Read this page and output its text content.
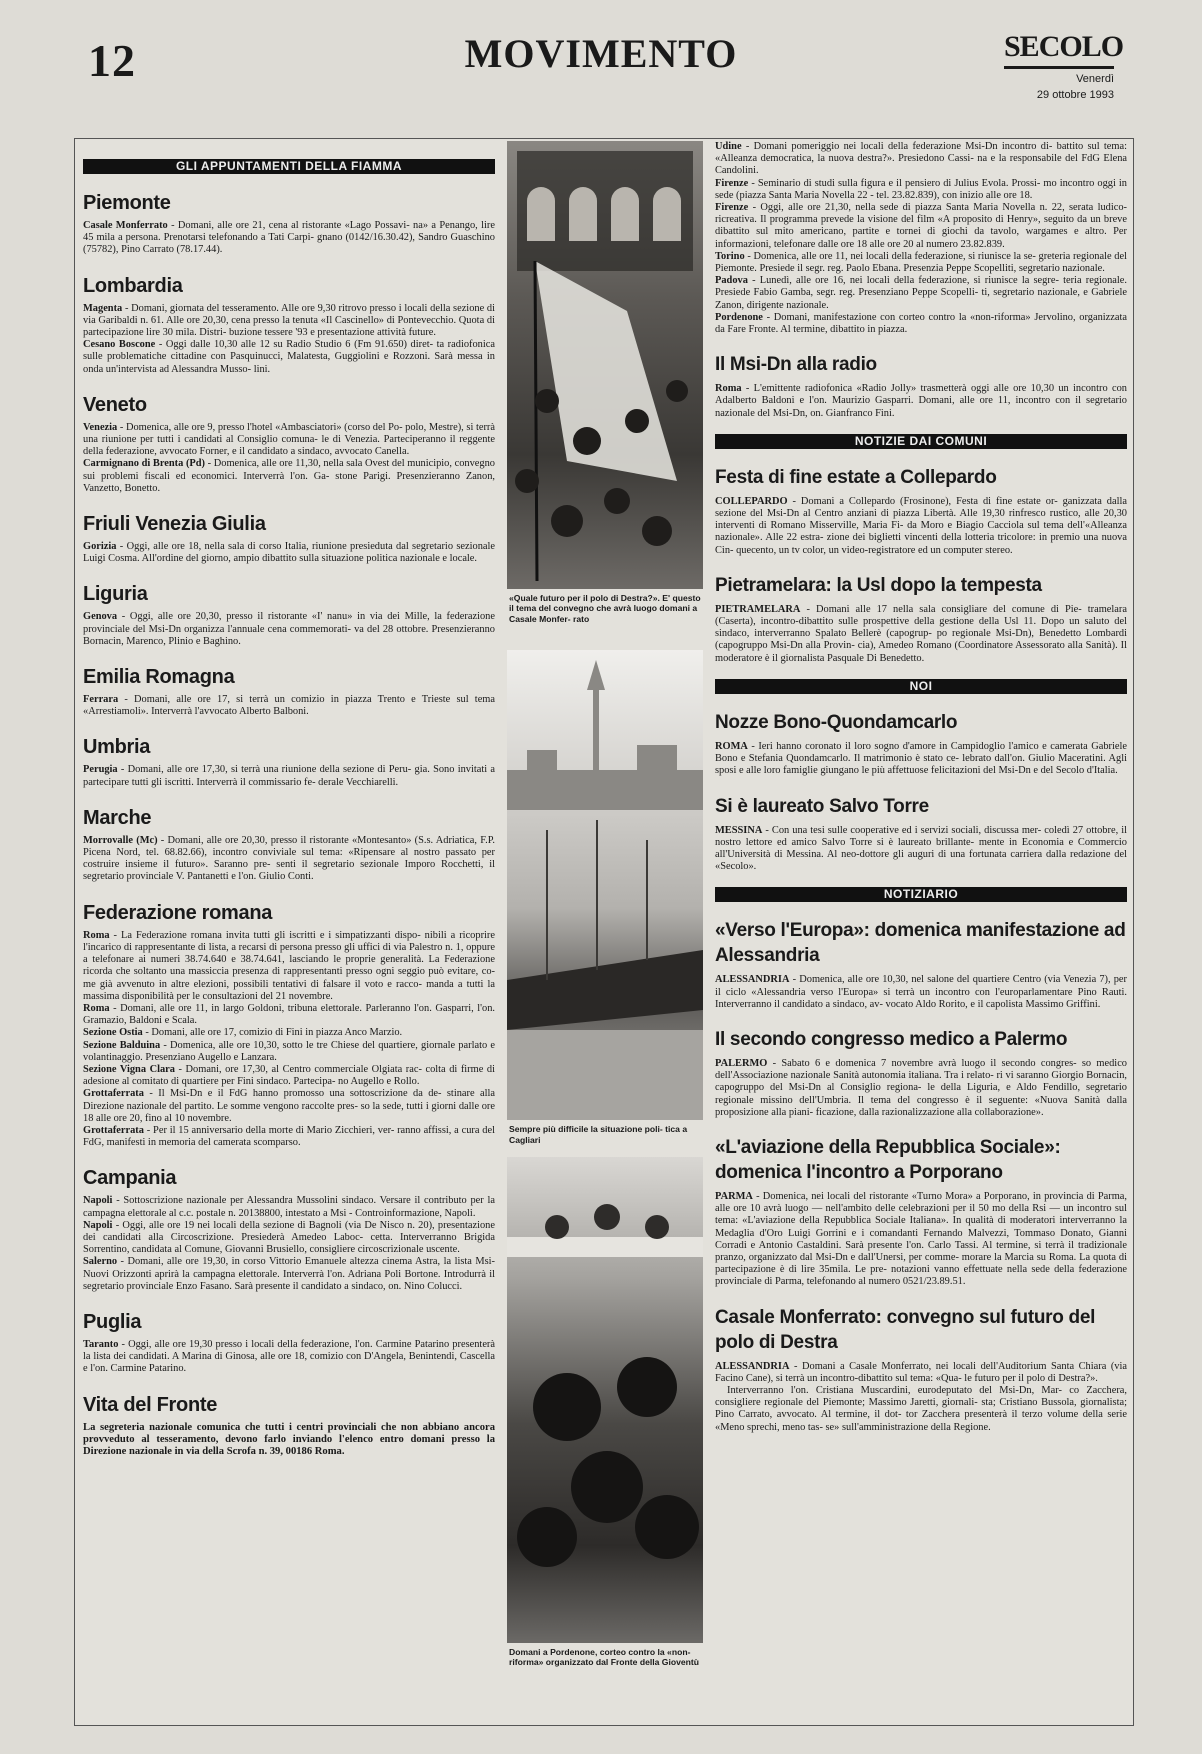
12	MOVIMENTO	SECOLO
Venerdì
29 ottobre 1993
GLI APPUNTAMENTI DELLA FIAMMA
Piemonte

Casale Monferrato - Domani, alle ore 21, cena al ristorante «Lago Possavi- na» a Penango, lire 45 mila a persona. Prenotarsi telefonando a Tati Carpi- gnano (0142/16.30.42), Sandro Guaschino (75782), Pino Carrato (78.17.44).

Lombardia

Magenta - Domani, giornata del tesseramento. Alle ore 9,30 ritrovo presso i locali della sezione di via Garibaldi n. 61. Alle ore 20,30, cena presso la tenuta «Il Cascinello» di Pontevecchio. Quota di partecipazione lire 30 mila. Distri- buzione tessere '93 e presentazione attività future.

Cesano Boscone - Oggi dalle 10,30 alle 12 su Radio Studio 6 (Fm 91.650) diret- ta radiofonica sulle problematiche cittadine con Pasquinucci, Malatesta, Guggiolini e Rozzoni. Sarà messa in onda un'intervista ad Alessandra Musso- lini.

Veneto

Venezia - Domenica, alle ore 9, presso l'hotel «Ambasciatori» (corso del Po- polo, Mestre), si terrà una riunione per tutti i candidati al Consiglio comuna- le di Venezia. Parteciperanno il reggente della federazione, avvocato Forner, e il candidato a sindaco, avvocato Canella.

Carmignano di Brenta (Pd) - Domenica, alle ore 11,30, nella sala Ovest del municipio, convegno sui problemi fiscali ed economici. Interverrà l'on. Ga- stone Parigi. Presenzieranno Zanon, Vanzetto, Bonetto.

Friuli Venezia Giulia

Gorizia - Oggi, alle ore 18, nella sala di corso Italia, riunione presieduta dal segretario sezionale Luigi Cosma. All'ordine del giorno, ampio dibattito sulla situazione politica nazionale e locale.

Liguria

Genova - Oggi, alle ore 20,30, presso il ristorante «I' nanu» in via dei Mille, la federazione provinciale del Msi-Dn organizza l'annuale cena commemorati- va del 28 ottobre. Presenzieranno Bornacin, Marenco, Plinio e Baghino.

Emilia Romagna

Ferrara - Domani, alle ore 17, si terrà un comizio in piazza Trento e Trieste sul tema «Arrestiamoli». Interverrà l'avvocato Alberto Balboni.

Umbria

Perugia - Domani, alle ore 17,30, si terrà una riunione della sezione di Peru- gia. Sono invitati a partecipare tutti gli iscritti. Interverrà il commissario fe- derale Vecchiarelli.

Marche

Morrovalle (Mc) - Domani, alle ore 20,30, presso il ristorante «Montesanto» (S.s. Adriatica, F.P. Picena Nord, tel. 68.82.66), incontro conviviale sul tema: «Ripensare al nostro passato per costruire insieme il futuro». Saranno pre- senti il segretario sezionale Imporo Rocchetti, il segretario provinciale V. Pantanetti e l'on. Giulio Conti.

Federazione romana

Roma - La Federazione romana invita tutti gli iscritti e i simpatizzanti dispo- nibili a ricoprire l'incarico di rappresentante di lista, a recarsi di persona presso gli uffici di via Palestro n. 1, oppure a telefonare ai numeri 38.74.640 e 38.74.641, lasciando le proprie generalità. La Federazione ricorda che soltanto una massiccia presenza di rappresentanti presso ogni seggio può evitare, co- me già avvenuto in altre elezioni, possibili tentativi di falsare il voto e racco- manda a tutti la massima disponibilità per le consultazioni del 21 novembre.

Roma - Domani, alle ore 11, in largo Goldoni, tribuna elettorale. Parleranno l'on. Gasparri, l'on. Gramazio, Baldoni e Scala.

Sezione Ostia - Domani, alle ore 17, comizio di Fini in piazza Anco Marzio.

Sezione Balduina - Domenica, alle ore 10,30, sotto le tre Chiese del quartiere, giornale parlato e volantinaggio. Presenziano Augello e Lanzara.

Sezione Vigna Clara - Domani, ore 17,30, al Centro commerciale Olgiata rac- colta di firme di adesione al comitato di quartiere per Fini sindaco. Partecipa- no Augello e Rollo.

Grottaferrata - Il Msi-Dn e il FdG hanno promosso una sottoscrizione da de- stinare alla Direzione nazionale del partito. Le somme vengono raccolte pres- so la sede, tutti i giorni dalle ore 18 alle ore 20, fino al 10 novembre.

Grottaferrata - Per il 15 anniversario della morte di Mario Zicchieri, ver- ranno affissi, a cura del FdG, manifesti in memoria del camerata scomparso.

Campania

Napoli - Sottoscrizione nazionale per Alessandra Mussolini sindaco. Versare il contributo per la campagna elettorale al c.c. postale n. 20138800, intestato a Msi - Controinformazione, Napoli.

Napoli - Oggi, alle ore 19 nei locali della sezione di Bagnoli (via De Nisco n. 20), presentazione dei candidati alla Circoscrizione. Presiederà Amedeo Laboc- cetta. Interverranno Brigida Sorrentino, candidata al Comune, Giovanni Brusiello, consigliere circoscrizionale uscente.

Salerno - Domani, alle ore 19,30, in corso Vittorio Emanuele altezza cinema Astra, la lista Msi-Nuovi Orizzonti aprirà la campagna elettorale. Interverrà l'on. Adriana Poli Bortone. Introdurrà il segretario provinciale Enzo Fasano. Sarà presente il candidato a sindaco, on. Nino Colucci.

Puglia

Taranto - Oggi, alle ore 19,30 presso i locali della federazione, l'on. Carmine Patarino presenterà la lista dei candidati. A Marina di Ginosa, alle ore 18, comizio con D'Angela, Benintendi, Cascella e l'on. Carmine Patarino.

Vita del Fronte

La segreteria nazionale comunica che tutti i centri provinciali che non abbiano ancora provveduto al tesseramento, devono farlo inviando l'elenco entro domani presso la Direzione nazionale in via della Scrofa n. 39, 00186 Roma.

«Quale futuro per il polo di Destra?». E' questo il tema del convegno che avrà luogo domani a Casale Monfer- rato
Sempre più difficile la situazione poli- tica a Cagliari
Domani a Pordenone, corteo contro la «non-riforma» organizzato dal Fronte della Gioventù

Udine - Domani pomeriggio nei locali della federazione Msi-Dn incontro di- battito sul tema: «Alleanza democratica, la nuova destra?». Presiedono Cassi- na e la responsabile del FdG Elena Candolini.

Firenze - Seminario di studi sulla figura e il pensiero di Julius Evola. Prossi- mo incontro oggi in sede (piazza Santa Maria Novella 22 - tel. 23.82.839), con inizio alle ore 18.

Firenze - Oggi, alle ore 21,30, nella sede di piazza Santa Maria Novella n. 22, serata ludico-ricreativa. Il programma prevede la visione del film «A proposito di Henry», seguito da un breve dibattito sul mito americano, partite e tornei di giochi da tavolo, wargames e altro. Per informazioni, telefonare dalle ore 18 alle ore 20 al numero 23.82.839.

Torino - Domenica, alle ore 11, nei locali della federazione, si riunisce la se- greteria regionale del Piemonte. Presiede il segr. reg. Paolo Ebana. Presenzia Peppe Scopelliti, segretario nazionale.

Padova - Lunedì, alle ore 16, nei locali della federazione, si riunisce la segre- teria regionale. Presiede Fabio Gamba, segr. reg. Presenziano Peppe Scopelli- ti, segretario nazionale, e Gabriele Zanon, dirigente nazionale.

Pordenone - Domani, manifestazione con corteo contro la «non-riforma» Jervolino, organizzata da Fare Fronte. Al termine, dibattito in piazza.

Il Msi-Dn alla radio

Roma - L'emittente radiofonica «Radio Jolly» trasmetterà oggi alle ore 10,30 un incontro con Adalberto Baldoni e l'on. Maurizio Gasparri. Domani, alle ore 11, incontro con il segretario nazionale del Msi-Dn, on. Gianfranco Fini.

NOTIZIE DAI COMUNI
Festa di fine estate a Collepardo

COLLEPARDO - Domani a Collepardo (Frosinone), Festa di fine estate or- ganizzata dalla sezione del Msi-Dn al Centro anziani di piazza Libertà. Alle 19,30 rinfresco rustico, alle 20,30 interventi di Romano Misserville, Maria Fi- da Moro e Biagio Cacciola sul tema dell'«Alleanza nazionale». Alle 22 estra- zione dei biglietti vincenti della lotteria tricolore: in premio una nuova Cin- quecento, un tv color, un video-registratore ed un computer stereo.

Pietramelara: la Usl dopo la tempesta

PIETRAMELARA - Domani alle 17 nella sala consigliare del comune di Pie- tramelara (Caserta), incontro-dibattito sulle prospettive della gestione della Usl 11. Dopo un saluto del sindaco, interverranno Spalato Bellerè (capogrup- po regionale Msi-Dn), Benedetto Lombardi (capogruppo Msi-Dn alla Provin- cia), Amedeo Romano (Coordinatore Assessorato alla Sanità). Il moderatore è il giornalista Pasquale Di Benedetto.

NOI
Nozze Bono-Quondamcarlo

ROMA - Ieri hanno coronato il loro sogno d'amore in Campidoglio l'amico e camerata Gabriele Bono e Stefania Quondamcarlo. Il matrimonio è stato ce- lebrato dall'on. Giulio Maceratini. Agli sposi e alle loro famiglie giungano le più affettuose felicitazioni del Msi-Dn e del Secolo d'Italia.

Si è laureato Salvo Torre

MESSINA - Con una tesi sulle cooperative ed i servizi sociali, discussa mer- coledì 27 ottobre, il nostro lettore ed amico Salvo Torre si è laureato brillante- mente in Economia e Commercio all'Università di Messina. Al neo-dottore gli auguri di una fortunata carriera dalla redazione del «Secolo».

NOTIZIARIO
«Verso l'Europa»: domenica manifestazione ad Alessandria

ALESSANDRIA - Domenica, alle ore 10,30, nel salone del quartiere Centro (via Venezia 7), per il ciclo «Alessandria verso l'Europa» si terrà un incontro con l'europarlamentare Pino Rauti. Interverranno il candidato a sindaco, av- vocato Aldo Rorito, e il capolista Massimo Griffini.

Il secondo congresso medico a Palermo

PALERMO - Sabato 6 e domenica 7 novembre avrà luogo il secondo congres- so medico dell'Associazione nazionale Sanità autonomia italiana. Tra i relato- ri vi saranno Giorgio Bornacin, capogruppo del Msi-Dn al Consiglio regiona- le della Liguria, e Aldo Fendillo, segretario regionale missino dell'Umbria. Il tema del congresso è il seguente: «Nuova Sanità dalla proposizione alla piani- ficazione, dalla razionalizzazione alla collaborazione».

«L'aviazione della Repubblica Sociale»: domenica l'incontro a Porporano

PARMA - Domenica, nei locali del ristorante «Turno Mora» a Porporano, in provincia di Parma, alle ore 10 avrà luogo — nell'ambito delle celebrazioni per il 50 mo della Rsi — un incontro sul tema: «L'aviazione della Repubblica Sociale Italiana». In qualità di moderatori interverranno la Medaglia d'Oro Luigi Gorrini e i comandanti Fernando Malvezzi, Tommaso Donato, Gianni Corradi e Antonio Castaldini. Sarà presente l'on. Carlo Tassi. Al termine, si terrà il tradizionale pranzo, organizzato dal Msi-Dn e dall'Unersi, per comme- morare la Marcia su Roma. La quota di partecipazione è di lire 35mila. Le pre- notazioni vanno effettuate nella sede della federazione provinciale di Parma, telefonando al numero 0521/23.89.51.

Casale Monferrato: convegno sul futuro del polo di Destra

ALESSANDRIA - Domani a Casale Monferrato, nei locali dell'Auditorium Santa Chiara (via Facino Cane), si terrà un incontro-dibattito sul tema: «Qua- le futuro per il polo di Destra?».

Interverranno l'on. Cristiana Muscardini, eurodeputato del Msi-Dn, Mar- co Zacchera, consigliere regionale del Piemonte; Massimo Jaretti, giornali- sta; Cristiano Bussola, giornalista; Pino Carrato, avvocato. Al termine, il dot- tor Zacchera presenterà il terzo volume della serie «Meno sprechi, meno tas- se» sull'amministrazione della Regione.
